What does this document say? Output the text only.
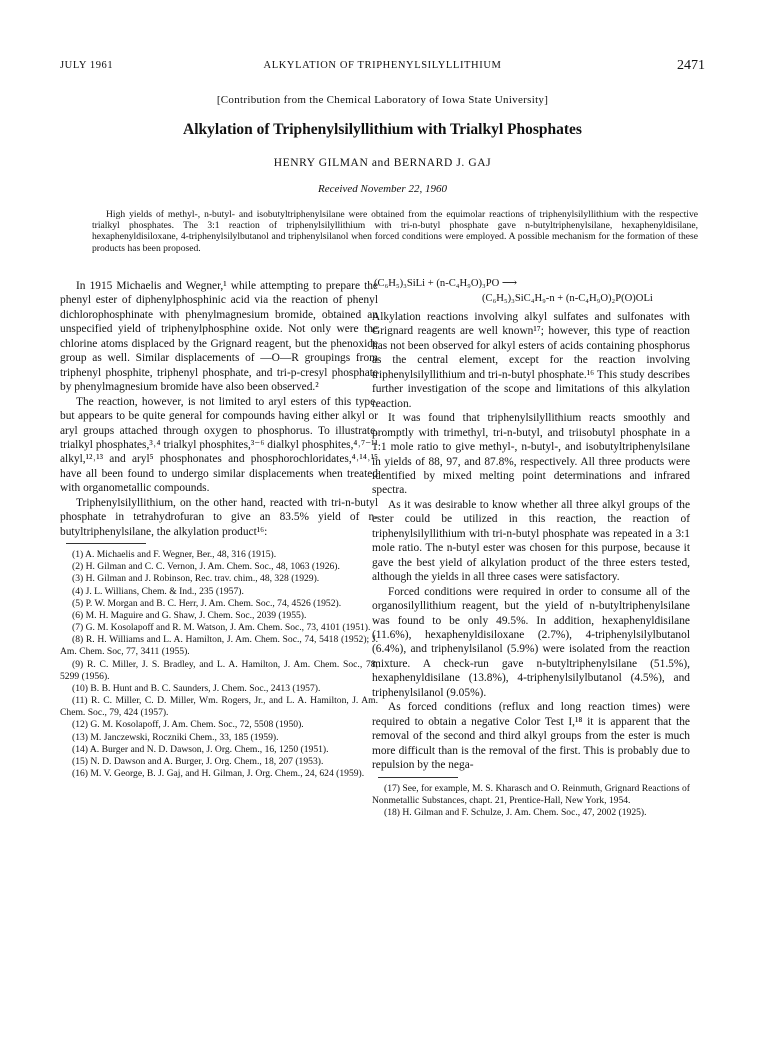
JULY 1961	ALKYLATION OF TRIPHENYLSILYLLITHIUM	2471
[Contribution from the Chemical Laboratory of Iowa State University]
Alkylation of Triphenylsilyllithium with Trialkyl Phosphates
HENRY GILMAN and BERNARD J. GAJ
Received November 22, 1960

High yields of methyl-, n-butyl- and isobutyltriphenylsilane were obtained from the equimolar reactions of triphenylsilyllithium with the respective trialkyl phosphates. The 3:1 reaction of triphenylsilyllithium with tri-n-butyl phosphate gave n-butyltriphenylsilane, hexaphenyldisilane, hexaphenyldisiloxane, 4-triphenylsilylbutanol and triphenylsilanol when forced conditions were employed. A possible mechanism for the formation of these products has been proposed.

In 1915 Michaelis and Wegner,¹ while attempting to prepare the phenyl ester of diphenylphosphinic acid via the reaction of phenyl dichlorophosphinate with phenylmagnesium bromide, obtained an unspecified yield of triphenylphosphine oxide. Not only were the chlorine atoms displaced by the Grignard reagent, but the phenoxide group as well. Similar displacements of —O—R groupings from triphenyl phosphite, triphenyl phosphate, and tri-p-cresyl phosphate by phenylmagnesium bromide have also been observed.²

The reaction, however, is not limited to aryl esters of this type, but appears to be quite general for compounds having either alkyl or aryl groups attached through oxygen to phosphorus. To illustrate, trialkyl phosphates,³˒⁴ trialkyl phosphites,³⁻⁶ dialkyl phosphites,⁴˒⁷⁻¹¹ alkyl,¹²˒¹³ and aryl⁵ phosphonates and phosphorochloridates,⁴˒¹⁴˒¹⁵ have all been found to undergo similar displacements when treated with organometallic compounds.

Triphenylsilyllithium, on the other hand, reacted with tri-n-butyl phosphate in tetrahydrofuran to give an 83.5% yield of n-butyltriphenylsilane, the alkylation product¹⁶:

(1) A. Michaelis and F. Wegner, Ber., 48, 316 (1915).
(2) H. Gilman and C. C. Vernon, J. Am. Chem. Soc., 48, 1063 (1926).
(3) H. Gilman and J. Robinson, Rec. trav. chim., 48, 328 (1929).
(4) J. L. Willians, Chem. & Ind., 235 (1957).
(5) P. W. Morgan and B. C. Herr, J. Am. Chem. Soc., 74, 4526 (1952).
(6) M. H. Maguire and G. Shaw, J. Chem. Soc., 2039 (1955).
(7) G. M. Kosolapoff and R. M. Watson, J. Am. Chem. Soc., 73, 4101 (1951).
(8) R. H. Williams and L. A. Hamilton, J. Am. Chem. Soc., 74, 5418 (1952); J. Am. Chem. Soc, 77, 3411 (1955).
(9) R. C. Miller, J. S. Bradley, and L. A. Hamilton, J. Am. Chem. Soc., 78, 5299 (1956).
(10) B. B. Hunt and B. C. Saunders, J. Chem. Soc., 2413 (1957).
(11) R. C. Miller, C. D. Miller, Wm. Rogers, Jr., and L. A. Hamilton, J. Am. Chem. Soc., 79, 424 (1957).
(12) G. M. Kosolapoff, J. Am. Chem. Soc., 72, 5508 (1950).
(13) M. Janczewski, Roczniki Chem., 33, 185 (1959).
(14) A. Burger and N. D. Dawson, J. Org. Chem., 16, 1250 (1951).
(15) N. D. Dawson and A. Burger, J. Org. Chem., 18, 207 (1953).
(16) M. V. George, B. J. Gaj, and H. Gilman, J. Org. Chem., 24, 624 (1959).
(C₆H₅)₃SiLi + (n-C₄H₉O)₃PO ⟶
(C₆H₅)₃SiC₄H₉-n + (n-C₄H₉O)₂P(O)OLi

Alkylation reactions involving alkyl sulfates and sulfonates with Grignard reagents are well known¹⁷; however, this type of reaction has not been observed for alkyl esters of acids containing phosphorus as the central element, except for the reaction involving triphenylsilyllithium and tri-n-butyl phosphate.¹⁶ This study describes further investigation of the scope and limitations of this alkylation reaction.

It was found that triphenylsilyllithium reacts smoothly and promptly with trimethyl, tri-n-butyl, and triisobutyl phosphate in a 1:1 mole ratio to give methyl-, n-butyl-, and isobutyltriphenylsilane in yields of 88, 97, and 87.8%, respectively. All three products were identified by mixed melting point determinations and infrared spectra.

As it was desirable to know whether all three alkyl groups of the ester could be utilized in this reaction, the reaction of triphenylsilyllithium with tri-n-butyl phosphate was repeated in a 3:1 mole ratio. The n-butyl ester was chosen for this purpose, because it gave the best yield of alkylation product of the three esters tested, although the yields in all three cases were satisfactory.

Forced conditions were required in order to consume all of the organosilyllithium reagent, but the yield of n-butyltriphenylsilane was found to be only 49.5%. In addition, hexaphenyldisilane (11.6%), hexaphenyldisiloxane (2.7%), 4-triphenylsilylbutanol (6.4%), and triphenylsilanol (5.9%) were isolated from the reaction mixture. A check-run gave n-butyltriphenylsilane (51.5%), hexaphenyldisilane (13.8%), 4-triphenylsilylbutanol (4.5%), and triphenylsilanol (9.05%).

As forced conditions (reflux and long reaction times) were required to obtain a negative Color Test I,¹⁸ it is apparent that the removal of the second and third alkyl groups from the ester is much more difficult than is the removal of the first. This is probably due to repulsion by the nega-

(17) See, for example, M. S. Kharasch and O. Reinmuth, Grignard Reactions of Nonmetallic Substances, chapt. 21, Prentice-Hall, New York, 1954.
(18) H. Gilman and F. Schulze, J. Am. Chem. Soc., 47, 2002 (1925).
